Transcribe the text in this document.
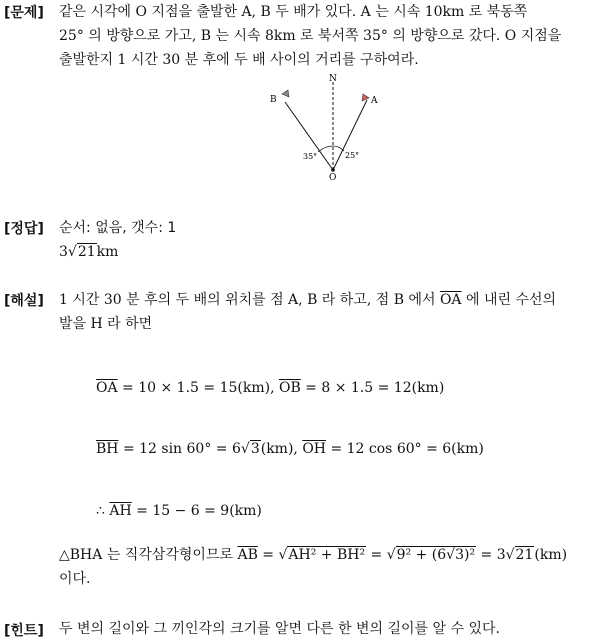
[문제] 같은 시각에 O 지점을 출발한 A, B 두 배가 있다. A 는 시속 10km 로 북동쪽
25° 의 방향으로 가고, B 는 시속 8km 로 북서쪽 35° 의 방향으로 갔다. O 지점을
출발한지 1 시간 30 분 후에 두 배 사이의 거리를 구하여라.
N
A
B
O
35°	25°
[정답] 순서: 없음, 갯수: 1
3√21km
[해설] 1 시간 30 분 후의 두 배의 위치를 점 A, B 라 하고, 점 B 에서 $\overline{OA}$ 에 내린 수선의
발을 H 라 하면
$\overline{OA} = 10 \times 1.5 = 15(km)$, $\overline{OB} = 8 \times 1.5 = 12(km)$
$\overline{BH} = 12$ sin 60° = 6√3(km), $\overline{OH} = 12$ cos 60° = 6(km)
∴ $\overline{AH} = 15 - 6 = 9(km)$
△BHA 는 직각삼각형이므로 $\overline{AB} = √AH^2 + BH^2 = √9^2 + (6√3)^2 = 3√21(km)$
이다.
[힌트] 두 변의 길이와 그 끼인각의 크기를 알면 다른 한 변의 길이를 알 수 있다.
